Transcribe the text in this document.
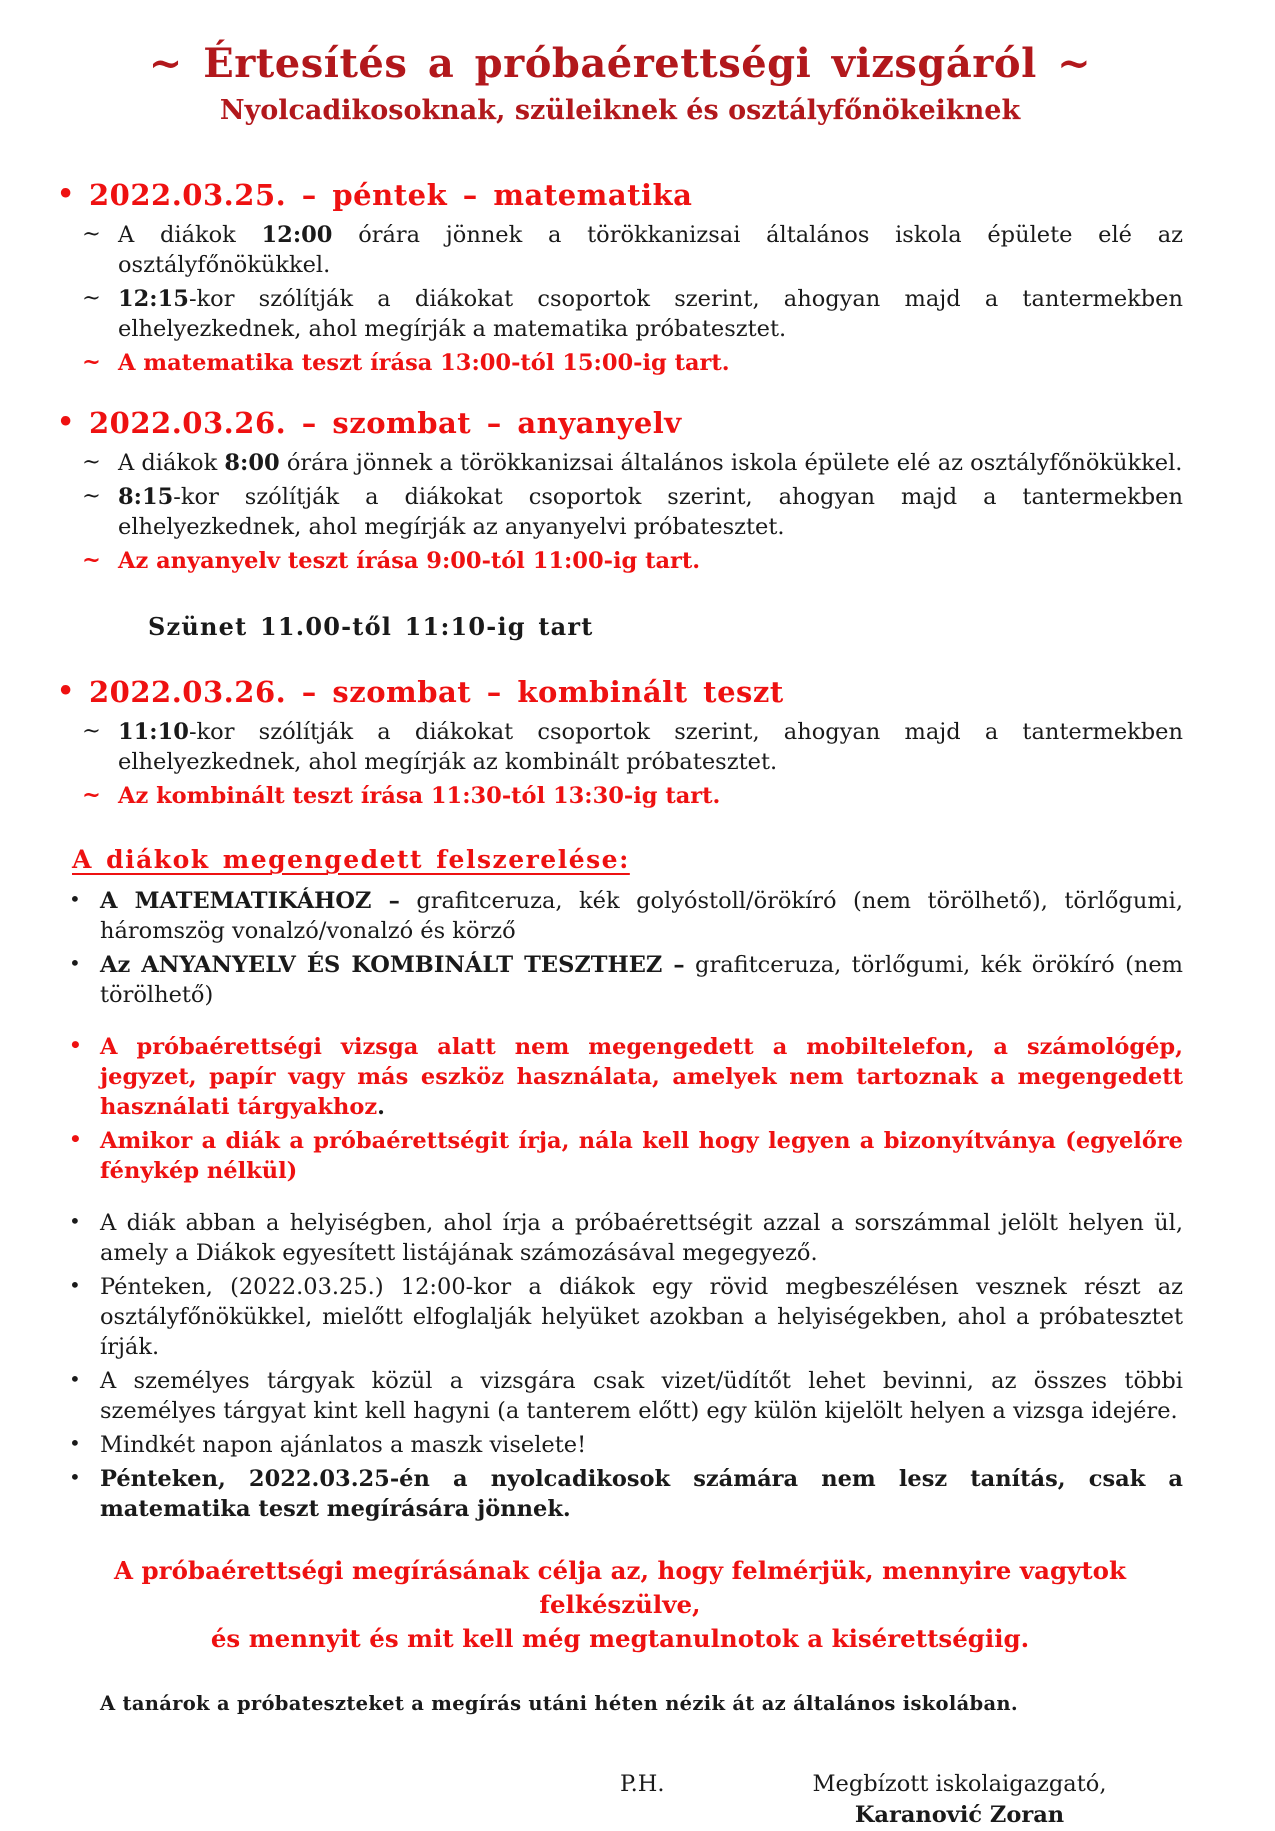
~ Értesítés a próbaérettségi vizsgáról ~
Nyolcadikosoknak, szüleiknek és osztályfőnökeiknek
• 2022.03.25. – péntek – matematika
~ A diákok 12:00 órára jönnek a törökkanizsai általános iskola épülete elé az osztályfőnökükkel.
~ 12:15-kor szólítják a diákokat csoportok szerint, ahogyan majd a tantermekben elhelyezkednek, ahol megírják a matematika próbatesztet.
~ A matematika teszt írása 13:00-tól 15:00-ig tart.
• 2022.03.26. – szombat – anyanyelv
~ A diákok 8:00 órára jönnek a törökkanizsai általános iskola épülete elé az osztályfőnökükkel.
~ 8:15-kor szólítják a diákokat csoportok szerint, ahogyan majd a tantermekben elhelyezkednek, ahol megírják az anyanyelvi próbatesztet.
~ Az anyanyelv teszt írása 9:00-tól 11:00-ig tart.
Szünet 11.00-től 11:10-ig tart
• 2022.03.26. – szombat – kombinált teszt
~ 11:10-kor szólítják a diákokat csoportok szerint, ahogyan majd a tantermekben elhelyezkednek, ahol megírják az kombinált próbatesztet.
~ Az kombinált teszt írása 11:30-tól 13:30-ig tart.
A diákok megengedett felszerelése:
• A MATEMATIKÁHOZ – grafitceruza, kék golyóstoll/örökíró (nem törölhető), törlőgumi, háromszög vonalzó/vonalzó és körző
• Az ANYANYELV ÉS KOMBINÁLT TESZTHEZ – grafitceruza, törlőgumi, kék örökíró (nem törölhető)
• A próbaérettségi vizsga alatt nem megengedett a mobiltelefon, a számológép, jegyzet, papír vagy más eszköz használata, amelyek nem tartoznak a megengedett használati tárgyakhoz.
• Amikor a diák a próbaérettségit írja, nála kell hogy legyen a bizonyítványa (egyelőre fénykép nélkül)
• A diák abban a helyiségben, ahol írja a próbaérettségit azzal a sorszámmal jelölt helyen ül, amely a Diákok egyesített listájának számozásával megegyező.
• Pénteken, (2022.03.25.) 12:00-kor a diákok egy rövid megbeszélésen vesznek részt az osztályfőnökükkel, mielőtt elfoglalják helyüket azokban a helyiségekben, ahol a próbatesztet írják.
• A személyes tárgyak közül a vizsgára csak vizet/üdítőt lehet bevinni, az összes többi személyes tárgyat kint kell hagyni (a tanterem előtt) egy külön kijelölt helyen a vizsga idejére.
• Mindkét napon ajánlatos a maszk viselete!
• Pénteken, 2022.03.25-én a nyolcadikosok számára nem lesz tanítás, csak a matematika teszt megírására jönnek.
A próbaérettségi megírásának célja az, hogy felmérjük, mennyire vagytok felkészülve,
és mennyit és mit kell még megtanulnotok a kisérettségiig.
A tanárok a próbateszteket a megírás utáni héten nézik át az általános iskolában.
P.H.	Megbízott iskolaigazgató,
Karanović Zoran
